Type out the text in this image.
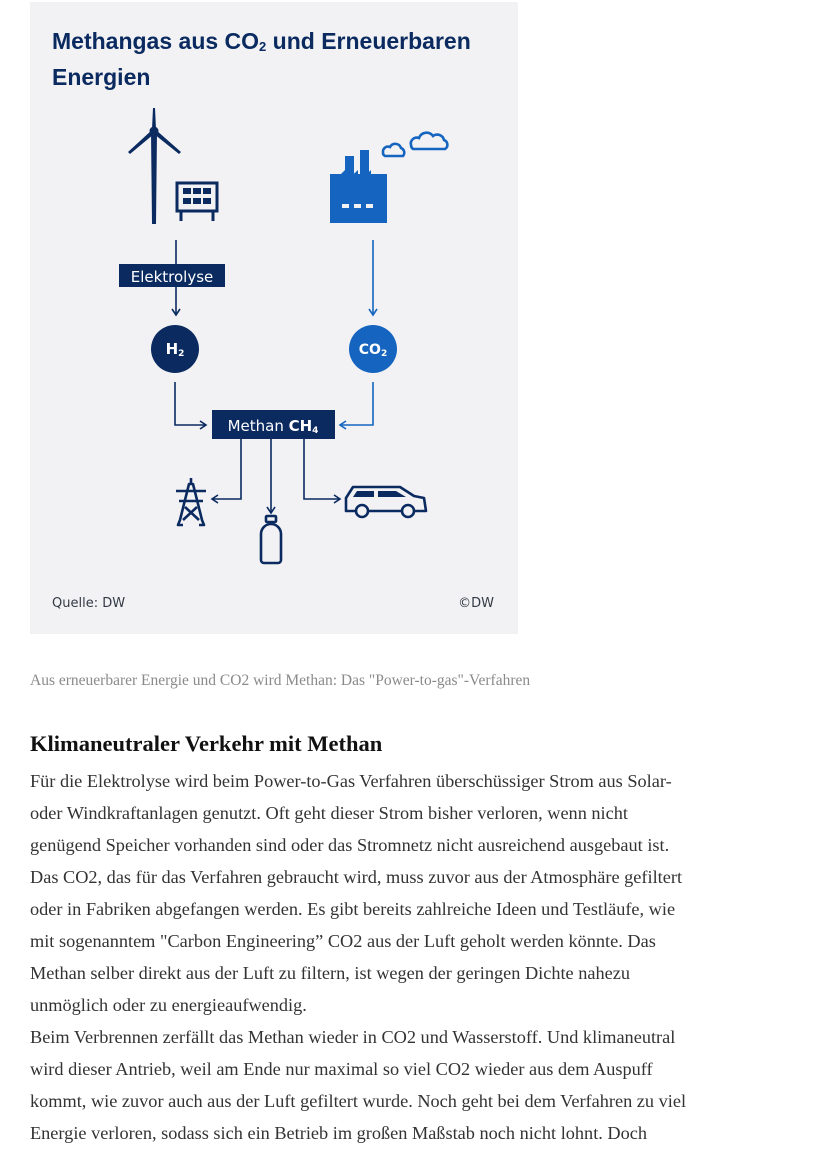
Methangas aus $CO_2$ und Erneuerbaren Energien
Elektrolyse
H2	CO2
Methan CH4
Quelle: DW	©DW

Aus erneuerbarer Energie und CO2 wird Methan: Das "Power-to-gas"-Verfahren

Klimaneutraler Verkehr mit Methan

Für die Elektrolyse wird beim Power-to-Gas Verfahren überschüssiger Strom aus Solar-

oder Windkraftanlagen genutzt. Oft geht dieser Strom bisher verloren, wenn nicht

genügend Speicher vorhanden sind oder das Stromnetz nicht ausreichend ausgebaut ist.

Das CO2, das für das Verfahren gebraucht wird, muss zuvor aus der Atmosphäre gefiltert

oder in Fabriken abgefangen werden. Es gibt bereits zahlreiche Ideen und Testläufe, wie

mit sogenanntem "Carbon Engineering” CO2 aus der Luft geholt werden könnte. Das

Methan selber direkt aus der Luft zu filtern, ist wegen der geringen Dichte nahezu

unmöglich oder zu energieaufwendig.

Beim Verbrennen zerfällt das Methan wieder in CO2 und Wasserstoff. Und klimaneutral

wird dieser Antrieb, weil am Ende nur maximal so viel CO2 wieder aus dem Auspuff

kommt, wie zuvor auch aus der Luft gefiltert wurde. Noch geht bei dem Verfahren zu viel

Energie verloren, sodass sich ein Betrieb im großen Maßstab noch nicht lohnt. Doch
